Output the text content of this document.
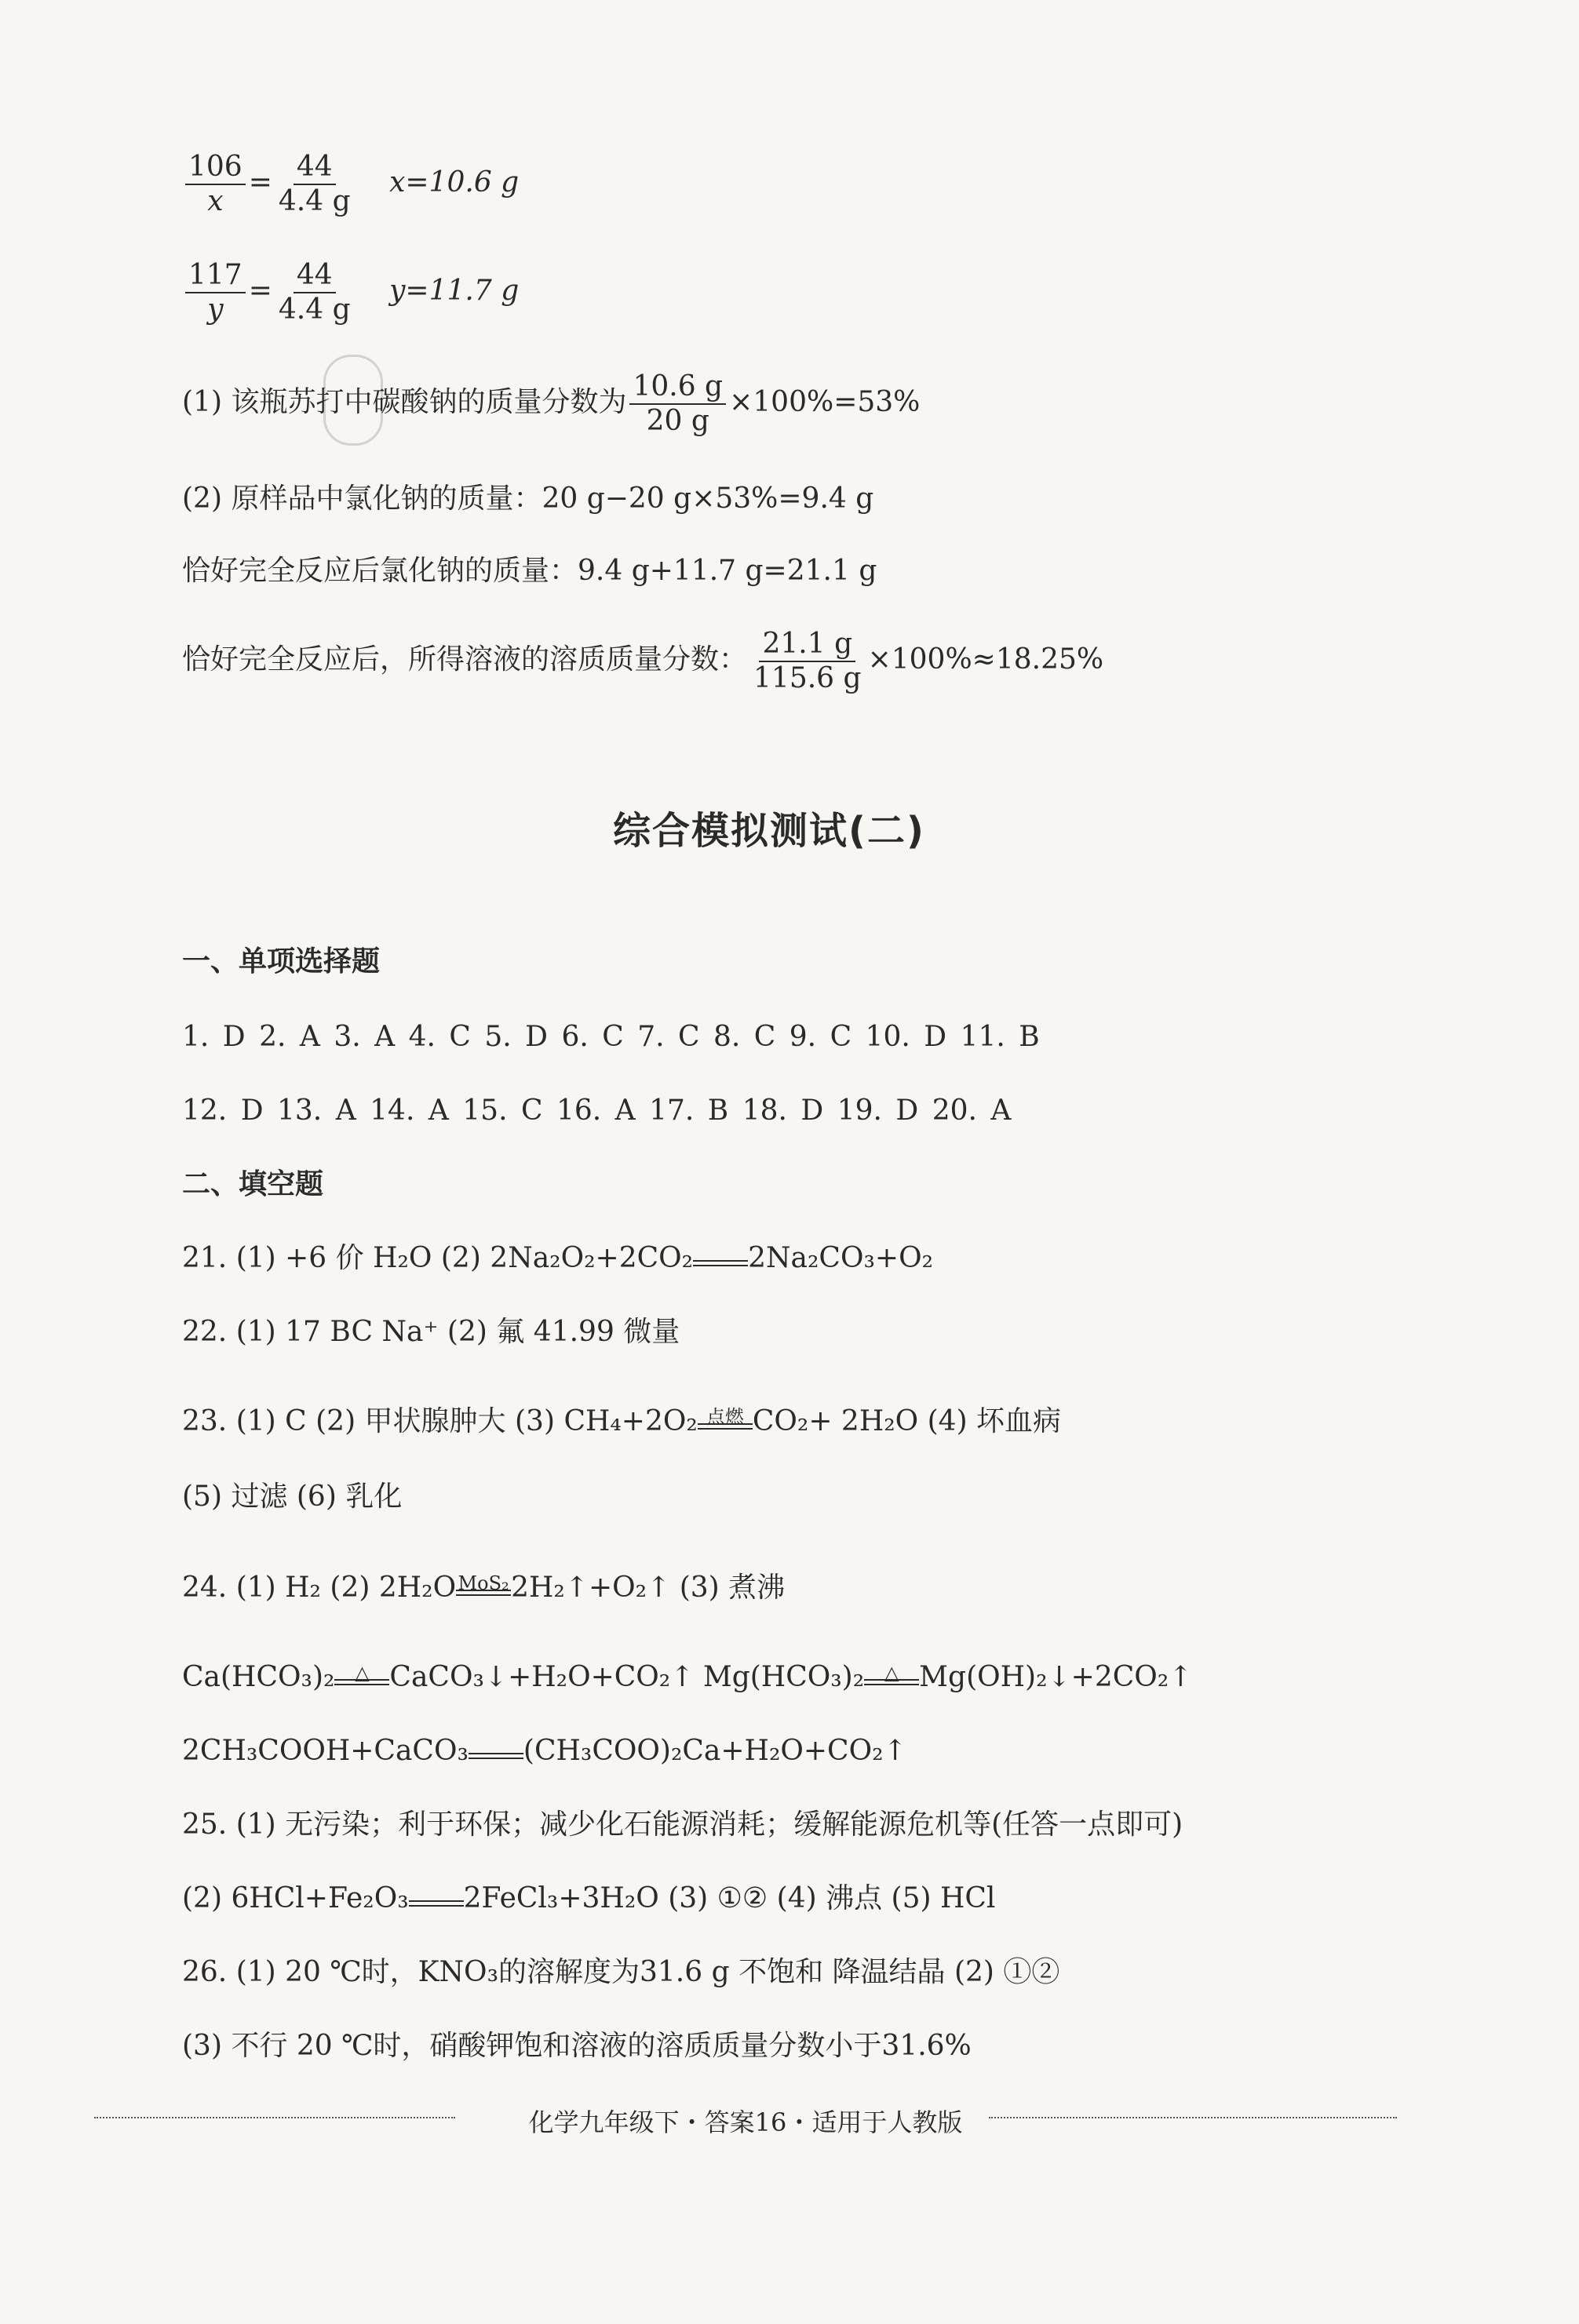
$\frac{106}{x} = \frac{44}{4.4 g} x=10.6$ g
$\frac{117}{y} = \frac{44}{4.4 g} y=11.7$ g
(1) 该瓶苏打中碳酸钠的质量分数为 $\frac{10.6 g}{20 g} \times 100\%=53\%$
(2) 原样品中氯化钠的质量：20 g−20 g×53%=9.4 g
恰好完全反应后氯化钠的质量：9.4 g+11.7 g=21.1 g
恰好完全反应后，所得溶液的溶质质量分数： $\frac{21.1 g}{115.6 g} \times 100\%\approx 18.25\%$
综合模拟测试(二)
一、单项选择题
1. D 2. A 3. A 4. C 5. D 6. C 7. C 8. C 9. C 10. D 11. B
12. D 13. A 14. A 15. C 16. A 17. B 18. D 19. D 20. A
二、填空题
21. (1) +6 价 H₂O (2) 2Na₂O₂+2CO₂ 2Na₂CO₃+O₂
22. (1) 17 BC Na⁺ (2) 氟 41.99 微量
23. (1) C (2) 甲状腺肿大 (3) CH₄+2O₂ 点燃 CO₂+ 2H₂O (4) 坏血病
(5) 过滤 (6) 乳化
24. (1) H₂ (2) 2H₂O MoS₂ 2H₂↑+O₂↑ (3) 煮沸
Ca(HCO₃)₂	△ CaCO₃↓+H₂O+CO₂↑ Mg(HCO₃)₂	△ Mg(OH)₂↓+2CO₂↑
2CH₃COOH+CaCO₃ (CH₃COO)₂Ca+H₂O+CO₂↑
25. (1) 无污染；利于环保；减少化石能源消耗；缓解能源危机等(任答一点即可)
(2) 6HCl+Fe₂O₃ 2FeCl₃+3H₂O (3) ①② (4) 沸点 (5) HCl
26. (1) 20 ℃时，KNO₃的溶解度为31.6 g 不饱和 降温结晶 (2) ①②
(3) 不行 20 ℃时，硝酸钾饱和溶液的溶质质量分数小于31.6%
化学九年级下・答案16・适用于人教版
